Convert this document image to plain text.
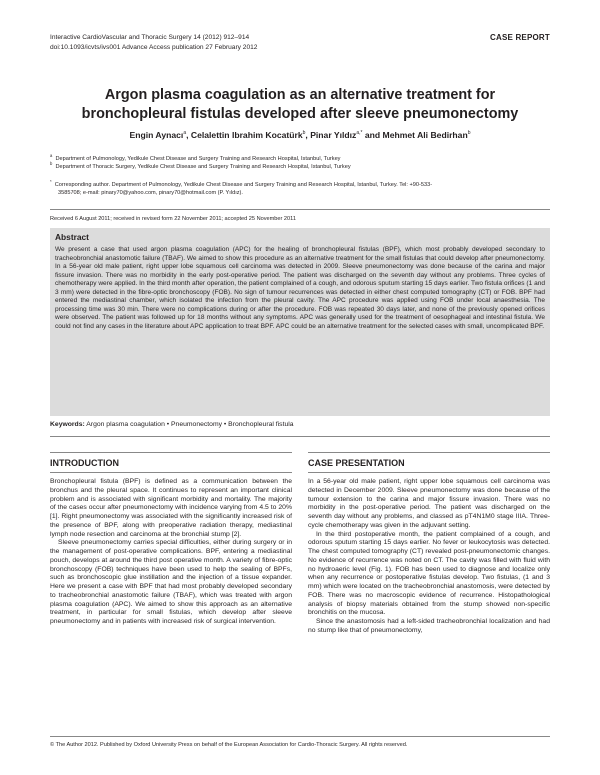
Interactive CardioVascular and Thoracic Surgery 14 (2012) 912–914
doi:10.1093/icvts/ivs001 Advance Access publication 27 February 2012
CASE REPORT
Argon plasma coagulation as an alternative treatment for
bronchopleural fistulas developed after sleeve pneumonectomy
Engin Aynacı$^a$, Celalettin Ibrahim Kocatürk$^b$, Pinar Yıldız$^{a,*}$ and Mehmet Ali Bedirhan$^b$
$^a$  Department of Pulmonology, Yedikule Chest Disease and Surgery Training and Research Hospital, Istanbul, Turkey
$^b$  Department of Thoracic Surgery, Yedikule Chest Disease and Surgery Training and Research Hospital, Istanbul, Turkey
*  Corresponding author. Department of Pulmonology, Yedikule Chest Disease and Surgery Training and Research Hospital, Istanbul, Turkey. Tel: +90-533-
3585708; e-mail: pinary70@yahoo.com, pinary70@hotmail.com (P. Yıldız).
Received 6 August 2011; received in revised form 22 November 2011; accepted 25 November 2011
Abstract
We present a case that used argon plasma coagulation (APC) for the healing of bronchopleural fistulas (BPF), which most probably developed secondary to tracheobronchial anastomotic failure (TBAF). We aimed to show this procedure as an alternative treatment for the small fistulas that could develop after pneumonectomy. In a 56-year old male patient, right upper lobe squamous cell carcinoma was detected in 2009. Sleeve pneumonectomy was done because of the carina and major fissure invasion. There was no morbidity in the early post-operative period. The patient was discharged on the seventh day without any problems. Three cycles of chemotherapy were applied. In the third month after operation, the patient complained of a cough, and odorous sputum starting 15 days earlier. Two fistula orifices (1 and 3 mm) were detected in the fibre-optic bronchoscopy (FOB). No sign of tumour recurrences was detected in either chest computed tomography (CT) or FOB. BPF had entered the mediastinal chamber, which isolated the infection from the pleural cavity. The APC procedure was applied using FOB under local anaesthesia. The processing time was 30 min. There were no complications during or after the procedure. FOB was repeated 30 days later, and none of the previously opened orifices were observed. The patient was followed up for 18 months without any symptoms. APC was generally used for the treatment of oesophageal and intestinal fistula. We could not find any cases in the literature about APC application to treat BPF. APC could be an alternative treatment for the selected cases with small, uncomplicated BPF.
Keywords: Argon plasma coagulation • Pneumonectomy • Bronchopleural fistula
INTRODUCTION

Bronchopleural fistula (BPF) is defined as a communication between the bronchus and the pleural space. It continues to represent an important clinical problem and is associated with significant morbidity and mortality. The majority of the cases occur after pneumonectomy with incidence varying from 4.5 to 20% [1]. Right pneumonectomy was associated with the significantly increased risk of the presence of BPF, along with preoperative radiation therapy, mediastinal lymph node resection and carcinoma at the bronchial stump [2].

Sleeve pneumonectomy carries special difficulties, either during surgery or in the management of post-operative complications. BPF, entering a mediastinal pouch, develops at around the third post operative month. A variety of fibre-optic bronchoscopy (FOB) techniques have been used to help the sealing of BPFs, such as bronchoscopic glue instillation and the injection of a tissue expander. Here we present a case with BPF that had most probably developed secondary to tracheobronchial anastomotic failure (TBAF), which was treated with argon plasma coagulation (APC). We aimed to show this approach as an alternative treatment, in particular for small fistulas, which develop after sleeve pneumonectomy and in patients with increased risk of surgical intervention.

CASE PRESENTATION

In a 56-year old male patient, right upper lobe squamous cell carcinoma was detected in December 2009. Sleeve pneumonectomy was done because of the tumour extension to the carina and major fissure invasion. There was no morbidity in the post-operative period. The patient was discharged on the seventh day without any problems, and classed as pT4N1M0 stage IIIA. Three-cycle chemotherapy was given in the adjuvant setting.

In the third postoperative month, the patient complained of a cough, and odorous sputum starting 15 days earlier. No fever or leukocytosis was detected. The chest computed tomography (CT) revealed post-pneumonectomic changes. No evidence of recurrence was noted on CT. The cavity was filled with fluid with no hydroaeric level (Fig. 1). FOB has been used to diagnose and localize only when any recurrence or postoperative fistulas develop. Two fistulas, (1 and 3 mm) which were located on the tracheobronchial anastomosis, were detected by FOB. There was no macroscopic evidence of recurrence. Histopathological analysis of biopsy materials obtained from the stump showed non-specific bronchitis on the mucosa.

Since the anastomosis had a left-sided tracheobronchial localization and had no stump like that of pneumonectomy,

© The Author 2012. Published by Oxford University Press on behalf of the European Association for Cardio-Thoracic Surgery. All rights reserved.
